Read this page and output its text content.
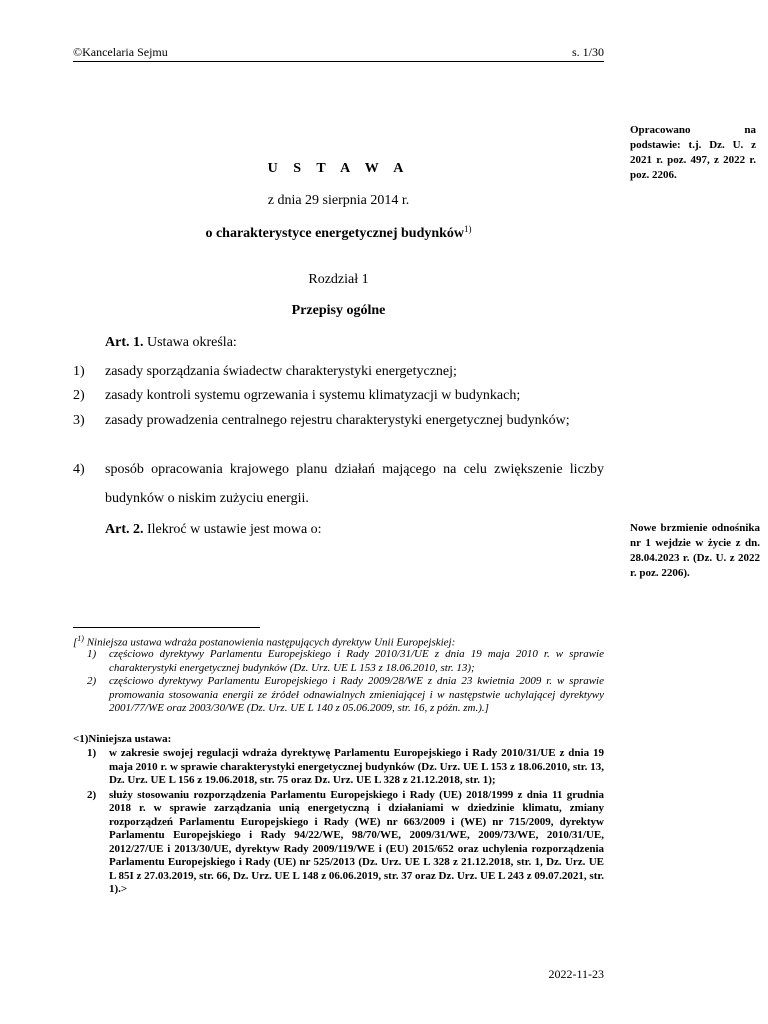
©Kancelaria Sejmu	s. 1/30
Opracowano na podstawie: t.j. Dz. U. z 2021 r. poz. 497, z 2022 r. poz. 2206.
Nowe brzmienie odnośnika nr 1 wejdzie w życie z dn. 28.04.2023 r. (Dz. U. z 2022 r. poz. 2206).
U S T A W A
z dnia 29 sierpnia 2014 r.
o charakterystyce energetycznej budynków$^{1)}$
Rozdział 1
Przepisy ogólne
Art. 1. Ustawa określa:
1) zasady sporządzania świadectw charakterystyki energetycznej;
2) zasady kontroli systemu ogrzewania i systemu klimatyzacji w budynkach;
3) zasady prowadzenia centralnego rejestru charakterystyki energetycznej budynków;
4) sposób opracowania krajowego planu działań mającego na celu zwiększenie liczby budynków o niskim zużyciu energii.
Art. 2. Ilekroć w ustawie jest mowa o:
[$^{1)}$ Niniejsza ustawa wdraża postanowienia następujących dyrektyw Unii Europejskiej:
1) częściowo dyrektywy Parlamentu Europejskiego i Rady 2010/31/UE z dnia 19 maja 2010 r. w sprawie charakterystyki energetycznej budynków (Dz. Urz. UE L 153 z 18.06.2010, str. 13);
2) częściowo dyrektywy Parlamentu Europejskiego i Rady 2009/28/WE z dnia 23 kwietnia 2009 r. w sprawie promowania stosowania energii ze źródeł odnawialnych zmieniającej i w następstwie uchylającej dyrektywy 2001/77/WE oraz 2003/30/WE (Dz. Urz. UE L 140 z 05.06.2009, str. 16, z późn. zm.).]
<1)Niniejsza ustawa:
1) w zakresie swojej regulacji wdraża dyrektywę Parlamentu Europejskiego i Rady 2010/31/UE z dnia 19 maja 2010 r. w sprawie charakterystyki energetycznej budynków (Dz. Urz. UE L 153 z 18.06.2010, str. 13, Dz. Urz. UE L 156 z 19.06.2018, str. 75 oraz Dz. Urz. UE L 328 z 21.12.2018, str. 1);
2) służy stosowaniu rozporządzenia Parlamentu Europejskiego i Rady (UE) 2018/1999 z dnia 11 grudnia 2018 r. w sprawie zarządzania unią energetyczną i działaniami w dziedzinie klimatu, zmiany rozporządzeń Parlamentu Europejskiego i Rady (WE) nr 663/2009 i (WE) nr 715/2009, dyrektyw Parlamentu Europejskiego i Rady 94/22/WE, 98/70/WE, 2009/31/WE, 2009/73/WE, 2010/31/UE, 2012/27/UE i 2013/30/UE, dyrektyw Rady 2009/119/WE i (EU) 2015/652 oraz uchylenia rozporządzenia Parlamentu Europejskiego i Rady (UE) nr 525/2013 (Dz. Urz. UE L 328 z 21.12.2018, str. 1, Dz. Urz. UE L 85I z 27.03.2019, str. 66, Dz. Urz. UE L 148 z 06.06.2019, str. 37 oraz Dz. Urz. UE L 243 z 09.07.2021, str. 1).>
2022-11-23
